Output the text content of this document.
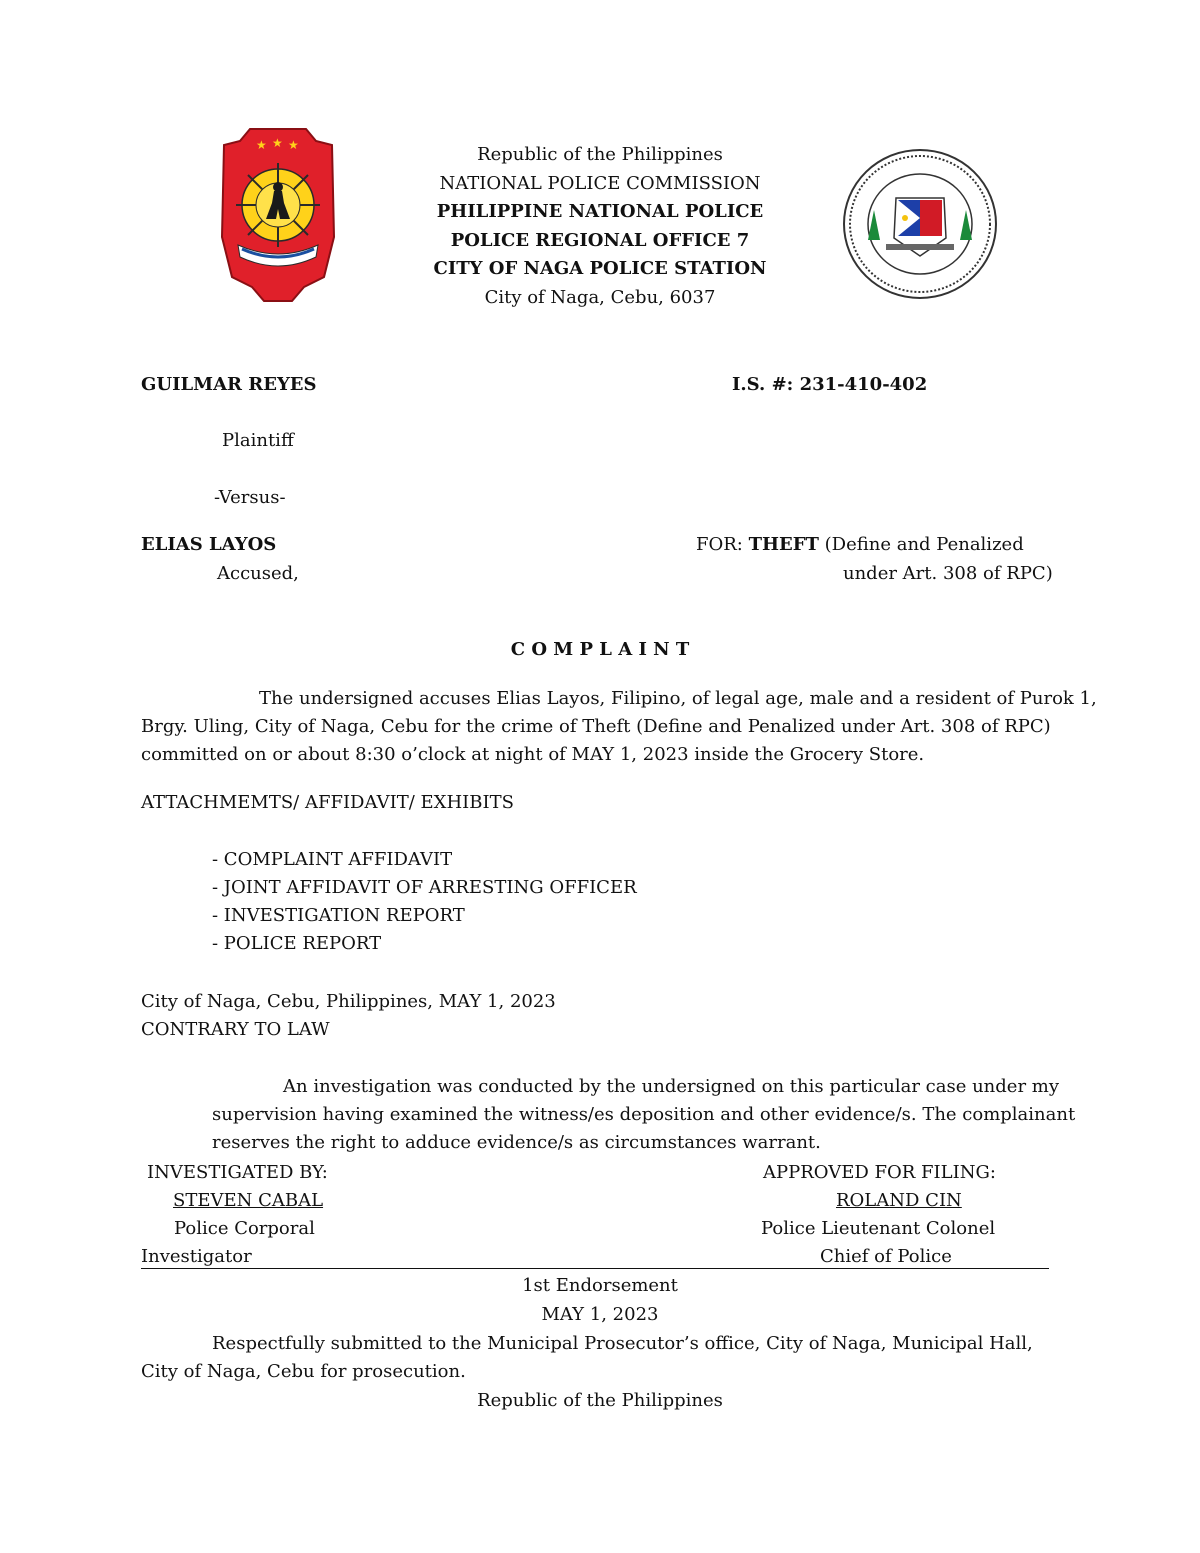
★ ★ ★	Republic of the Philippines
NATIONAL POLICE COMMISSION
PHILIPPINE NATIONAL POLICE
POLICE REGIONAL OFFICE 7
CITY OF NAGA POLICE STATION
City of Naga, Cebu, 6037
GUILMAR REYES	I.S. #: 231-410-402
Plaintiff
-Versus-
ELIAS LAYOS
Accused,
FOR: THEFT (Define and Penalized
under Art. 308 of RPC)
C O M P L A I N T
The undersigned accuses Elias Layos, Filipino, of legal age, male and a resident of Purok 1,
Brgy. Uling, City of Naga, Cebu for the crime of Theft (Define and Penalized under Art. 308 of RPC)
committed on or about 8:30 o’clock at night of MAY 1, 2023 inside the Grocery Store.
ATTACHMEMTS/ AFFIDAVIT/ EXHIBITS
- COMPLAINT AFFIDAVIT
- JOINT AFFIDAVIT OF ARRESTING OFFICER
- INVESTIGATION REPORT
- POLICE REPORT
City of Naga, Cebu, Philippines, MAY 1, 2023
CONTRARY TO LAW
An investigation was conducted by the undersigned on this particular case under my
supervision having examined the witness/es deposition and other evidence/s. The complainant
reserves the right to adduce evidence/s as circumstances warrant.
INVESTIGATED BY:
STEVEN CABAL
Police Corporal
Investigator
APPROVED FOR FILING:
ROLAND CIN
Police Lieutenant Colonel
Chief of Police
1st Endorsement
MAY 1, 2023
Respectfully submitted to the Municipal Prosecutor’s office, City of Naga, Municipal Hall,
City of Naga, Cebu for prosecution.
Republic of the Philippines
